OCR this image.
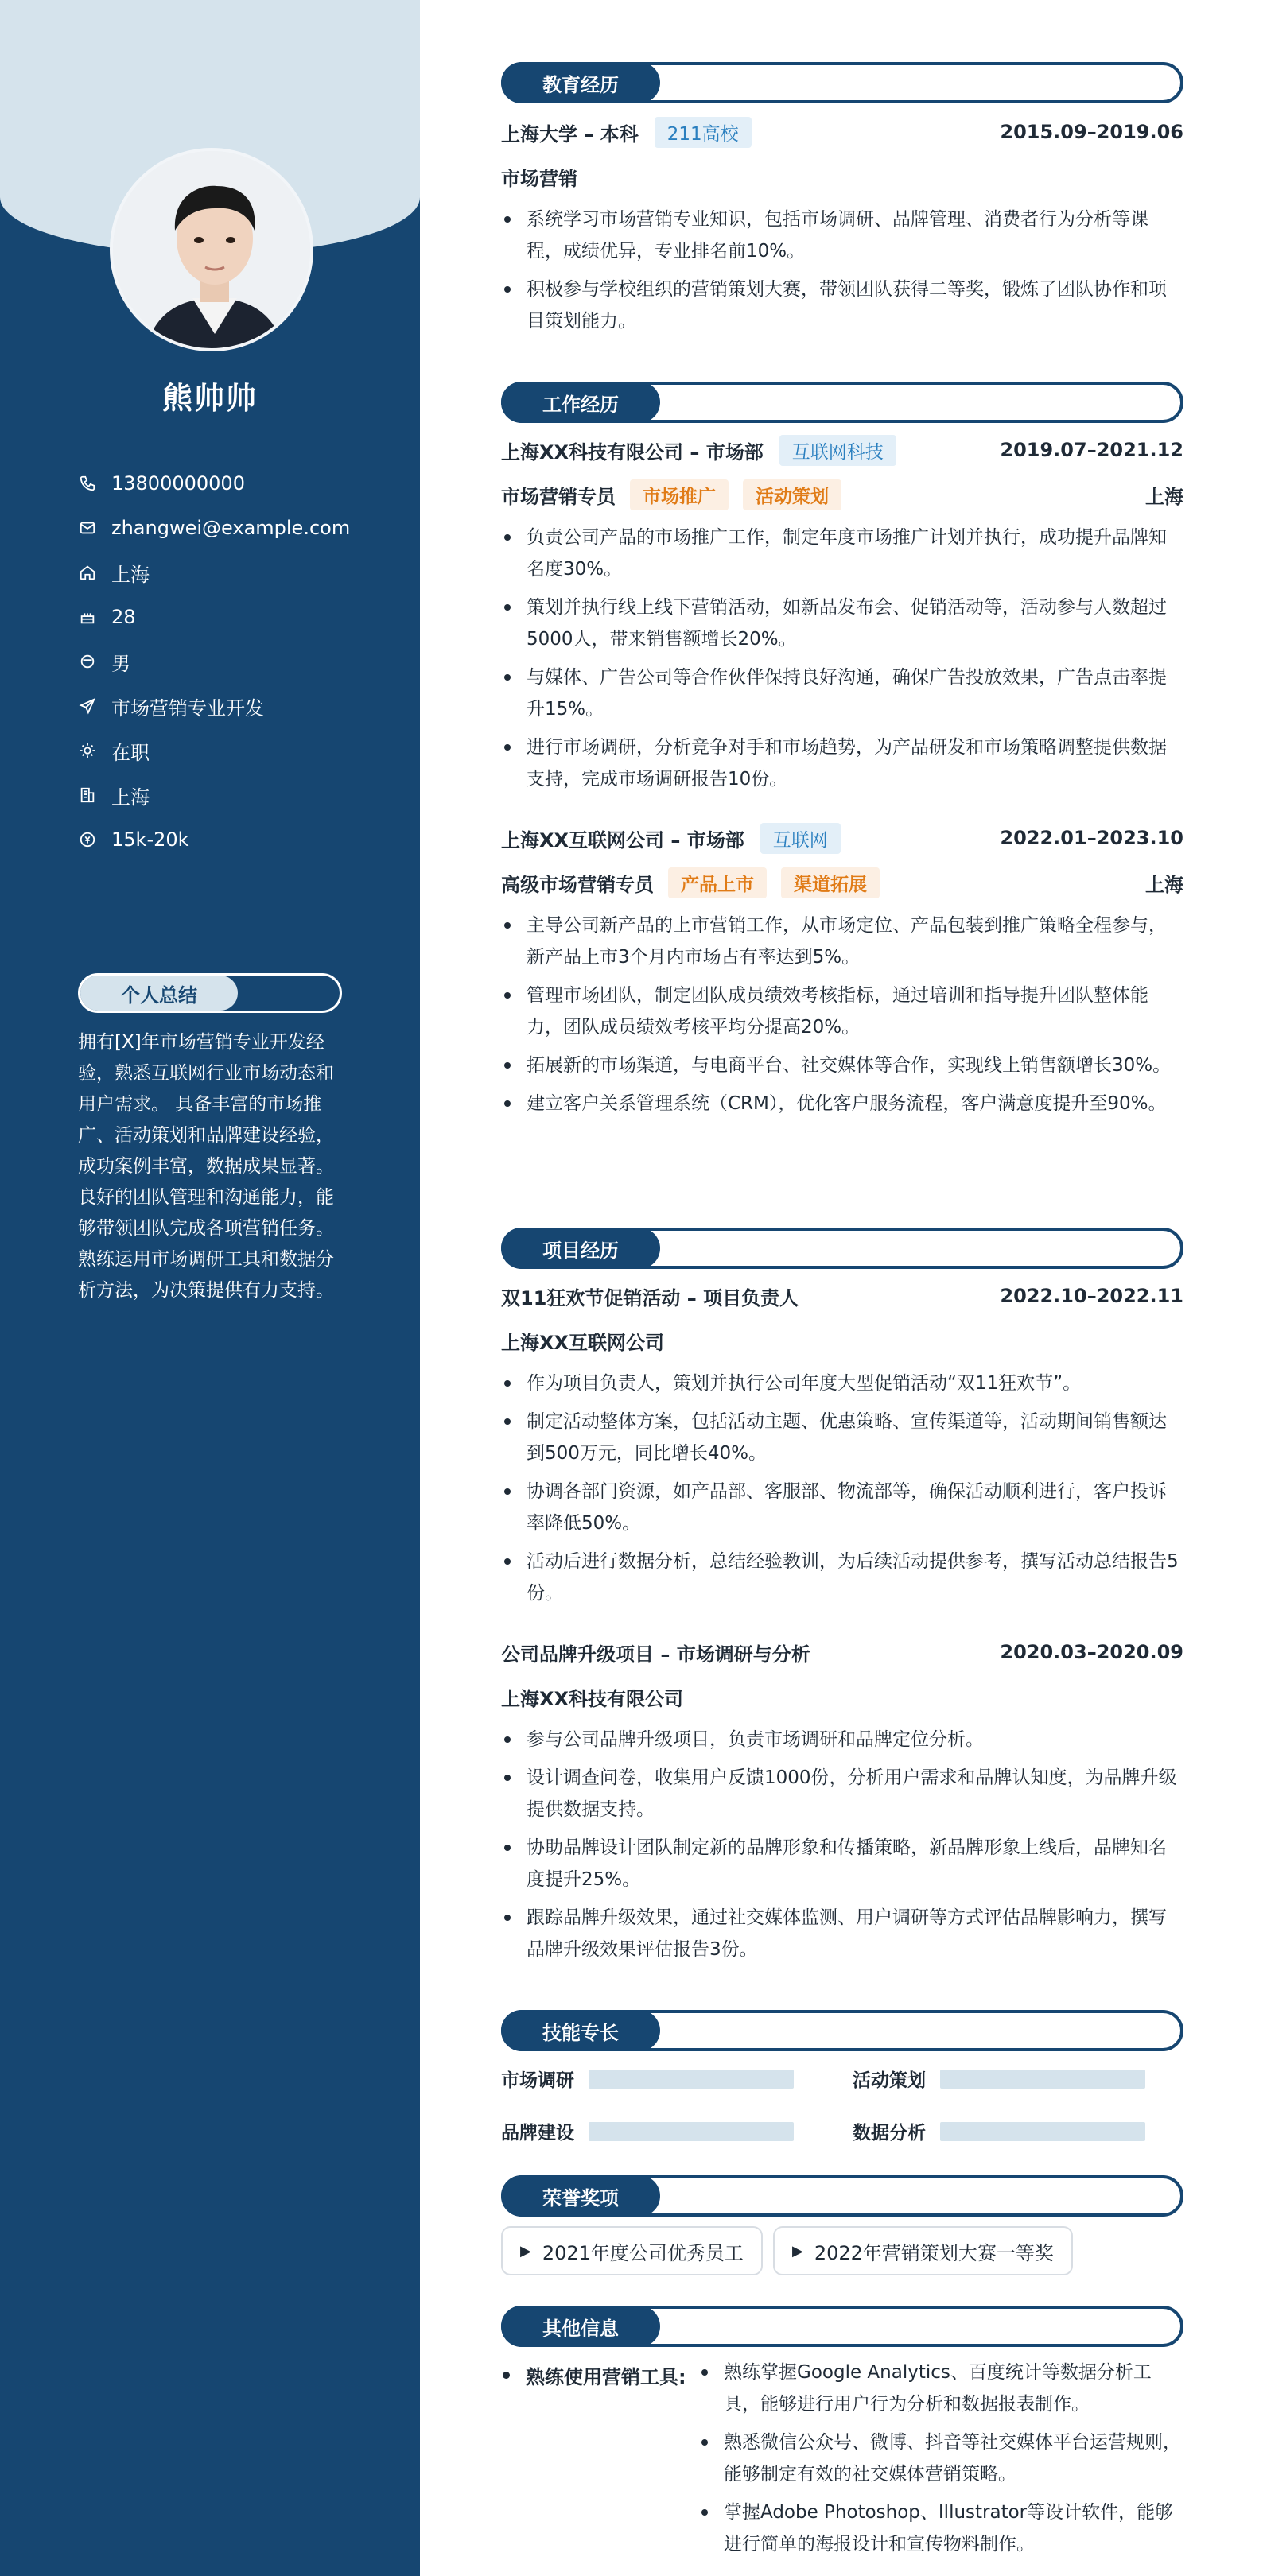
熊帅帅
13800000000
zhangwei@example.com
上海
28
男
市场营销专业开发
在职
上海
15k-20k
个人总结
拥有[X]年市场营销专业开发经验，熟悉互联网行业市场动态和用户需求。 具备丰富的市场推广、活动策划和品牌建设经验，成功案例丰富，数据成果显著。 良好的团队管理和沟通能力，能够带领团队完成各项营销任务。 熟练运用市场调研工具和数据分析方法，为决策提供有力支持。
教育经历
上海大学 – 本科	211高校	2015.09–2019.06
市场营销
系统学习市场营销专业知识，包括市场调研、品牌管理、消费者行为分析等课程，成绩优异，专业排名前10%。
积极参与学校组织的营销策划大赛，带领团队获得二等奖，锻炼了团队协作和项目策划能力。
工作经历
上海XX科技有限公司 – 市场部	互联网科技	2019.07–2021.12
市场营销专员	市场推广	活动策划	上海
负责公司产品的市场推广工作，制定年度市场推广计划并执行，成功提升品牌知名度30%。
策划并执行线上线下营销活动，如新品发布会、促销活动等，活动参与人数超过5000人，带来销售额增长20%。
与媒体、广告公司等合作伙伴保持良好沟通，确保广告投放效果，广告点击率提升15%。
进行市场调研，分析竞争对手和市场趋势，为产品研发和市场策略调整提供数据支持，完成市场调研报告10份。
上海XX互联网公司 – 市场部	互联网	2022.01–2023.10
高级市场营销专员	产品上市	渠道拓展	上海
主导公司新产品的上市营销工作，从市场定位、产品包装到推广策略全程参与，新产品上市3个月内市场占有率达到5%。
管理市场团队，制定团队成员绩效考核指标，通过培训和指导提升团队整体能力，团队成员绩效考核平均分提高20%。
拓展新的市场渠道，与电商平台、社交媒体等合作，实现线上销售额增长30%。
建立客户关系管理系统（CRM），优化客户服务流程，客户满意度提升至90%。
项目经历
双11狂欢节促销活动 – 项目负责人	2022.10–2022.11
上海XX互联网公司
作为项目负责人，策划并执行公司年度大型促销活动“双11狂欢节”。
制定活动整体方案，包括活动主题、优惠策略、宣传渠道等，活动期间销售额达到500万元，同比增长40%。
协调各部门资源，如产品部、客服部、物流部等，确保活动顺利进行，客户投诉率降低50%。
活动后进行数据分析，总结经验教训，为后续活动提供参考，撰写活动总结报告5份。
公司品牌升级项目 – 市场调研与分析	2020.03–2020.09
上海XX科技有限公司
参与公司品牌升级项目，负责市场调研和品牌定位分析。
设计调查问卷，收集用户反馈1000份，分析用户需求和品牌认知度，为品牌升级提供数据支持。
协助品牌设计团队制定新的品牌形象和传播策略，新品牌形象上线后，品牌知名度提升25%。
跟踪品牌升级效果，通过社交媒体监测、用户调研等方式评估品牌影响力，撰写品牌升级效果评估报告3份。
技能专长
市场调研	活动策划
品牌建设	数据分析
荣誉奖项
▶ 2021年度公司优秀员工	▶ 2022年营销策划大赛一等奖
其他信息
熟练使用营销工具:	熟练掌握Google Analytics、百度统计等数据分析工具，能够进行用户行为分析和数据报表制作。
熟悉微信公众号、微博、抖音等社交媒体平台运营规则，能够制定有效的社交媒体营销策略。
掌握Adobe Photoshop、Illustrator等设计软件，能够进行简单的海报设计和宣传物料制作。
